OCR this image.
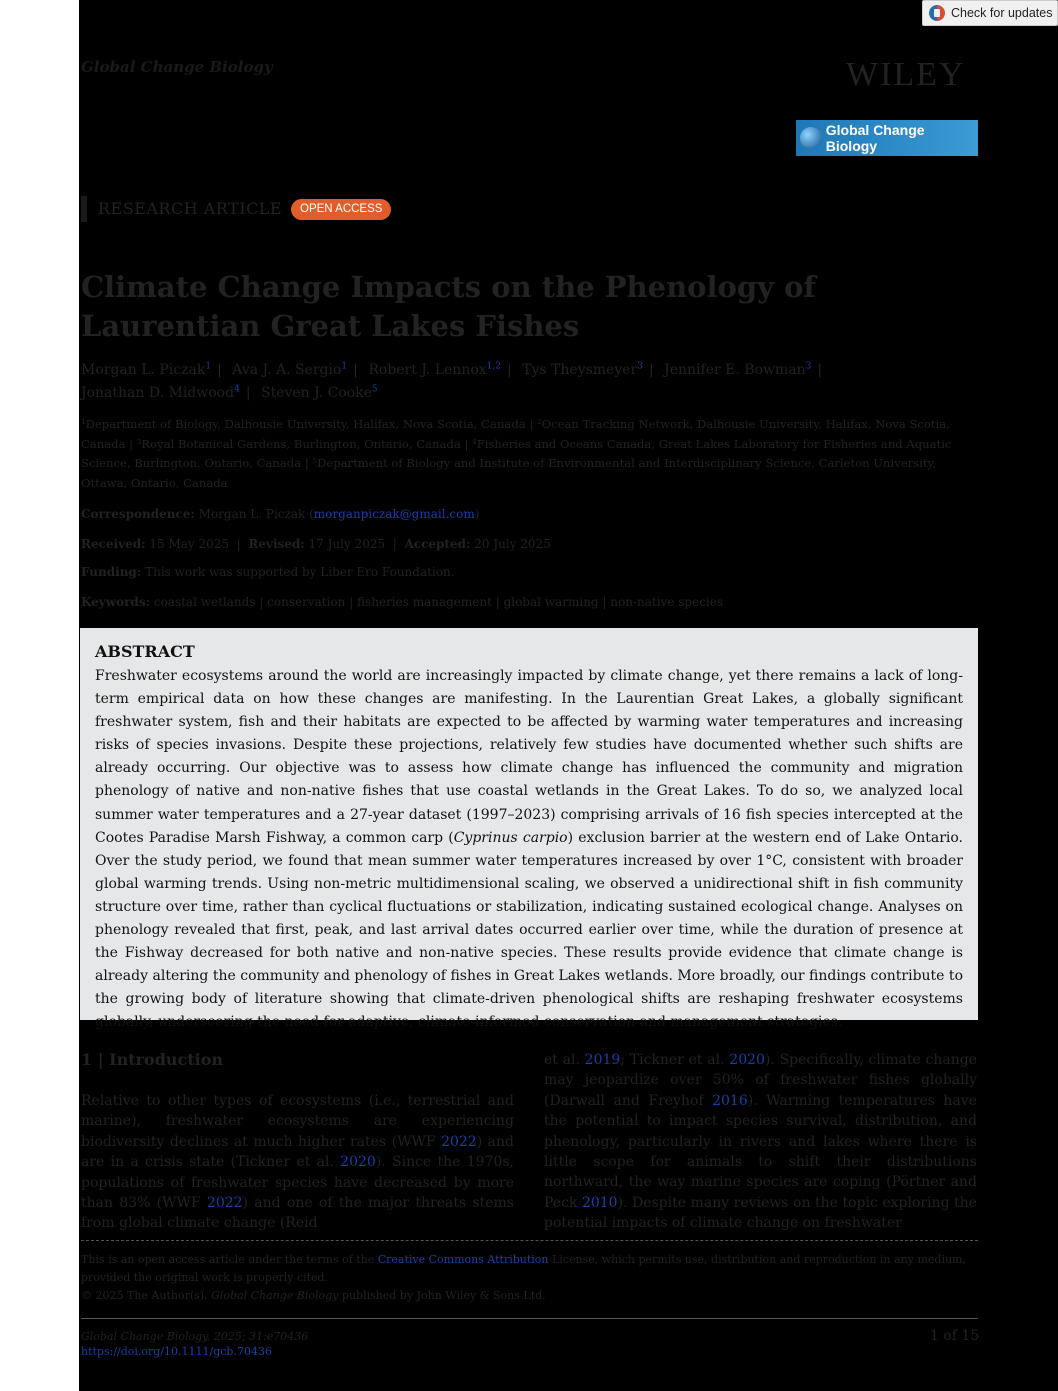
Check for updates
Global Change Biology	WILEY
Global Change Biology
RESEARCH ARTICLE	OPEN ACCESS
Climate Change Impacts on the Phenology of Laurentian Great Lakes Fishes
Morgan L. Piczak$^1$ | Ava J. A. Sergio$^1$ | Robert J. Lennox$^{1,2}$ | Tys Theysmeyer$^3$ | Jennifer E. Bowman$^3$ |
Jonathan D. Midwood$^4$ | Steven J. Cooke$^5$
¹Department of Biology, Dalhousie University, Halifax, Nova Scotia, Canada | ²Ocean Tracking Network, Dalhousie University, Halifax, Nova Scotia, Canada | ³Royal Botanical Gardens, Burlington, Ontario, Canada | ⁴Fisheries and Oceans Canada, Great Lakes Laboratory for Fisheries and Aquatic Science, Burlington, Ontario, Canada | ⁵Department of Biology and Institute of Environmental and Interdisciplinary Science, Carleton University, Ottawa, Ontario, Canada
Correspondence: Morgan L. Piczak (morganpiczak@gmail.com)
Received: 15 May 2025  |  Revised: 17 July 2025  |  Accepted: 20 July 2025
Funding: This work was supported by Liber Ero Foundation.
Keywords: coastal wetlands | conservation | fisheries management | global warming | non-native species
ABSTRACT

Freshwater ecosystems around the world are increasingly impacted by climate change, yet there remains a lack of long-term empirical data on how these changes are manifesting. In the Laurentian Great Lakes, a globally significant freshwater system, fish and their habitats are expected to be affected by warming water temperatures and increasing risks of species invasions. Despite these projections, relatively few studies have documented whether such shifts are already occurring. Our objective was to assess how climate change has influenced the community and migration phenology of native and non-native fishes that use coastal wetlands in the Great Lakes. To do so, we analyzed local summer water temperatures and a 27-year dataset (1997–2023) comprising arrivals of 16 fish species intercepted at the Cootes Paradise Marsh Fishway, a common carp (Cyprinus carpio) exclusion barrier at the western end of Lake Ontario. Over the study period, we found that mean summer water temperatures increased by over 1°C, consistent with broader global warming trends. Using non-metric multidimensional scaling, we observed a unidirectional shift in fish community structure over time, rather than cyclical fluctuations or stabilization, indicating sustained ecological change. Analyses on phenology revealed that first, peak, and last arrival dates occurred earlier over time, while the duration of presence at the Fishway decreased for both native and non-native species. These results provide evidence that climate change is already altering the community and phenology of fishes in Great Lakes wetlands. More broadly, our findings contribute to the growing body of literature showing that climate-driven phenological shifts are reshaping freshwater ecosystems globally, underscoring the need for adaptive, climate-informed conservation and management strategies.

1 | Introduction

Relative to other types of ecosystems (i.e., terrestrial and marine), freshwater ecosystems are experiencing biodiversity declines at much higher rates (WWF 2022) and are in a crisis state (Tickner et al. 2020). Since the 1970s, populations of freshwater species have decreased by more than 83% (WWF 2022) and one of the major threats stems from global climate change (Reid

et al. 2019; Tickner et al. 2020). Specifically, climate change may jeopardize over 50% of freshwater fishes globally (Darwall and Freyhof 2016). Warming temperatures have the potential to impact species survival, distribution, and phenology, particularly in rivers and lakes where there is little scope for animals to shift their distributions northward, the way marine species are coping (Pörtner and Peck 2010). Despite many reviews on the topic exploring the potential impacts of climate change on freshwater

This is an open access article under the terms of the Creative Commons Attribution License, which permits use, distribution and reproduction in any medium, provided the original work is properly cited.
© 2025 The Author(s). Global Change Biology published by John Wiley & Sons Ltd.
Global Change Biology, 2025; 31:e70436
https://doi.org/10.1111/gcb.70436
1 of 15
